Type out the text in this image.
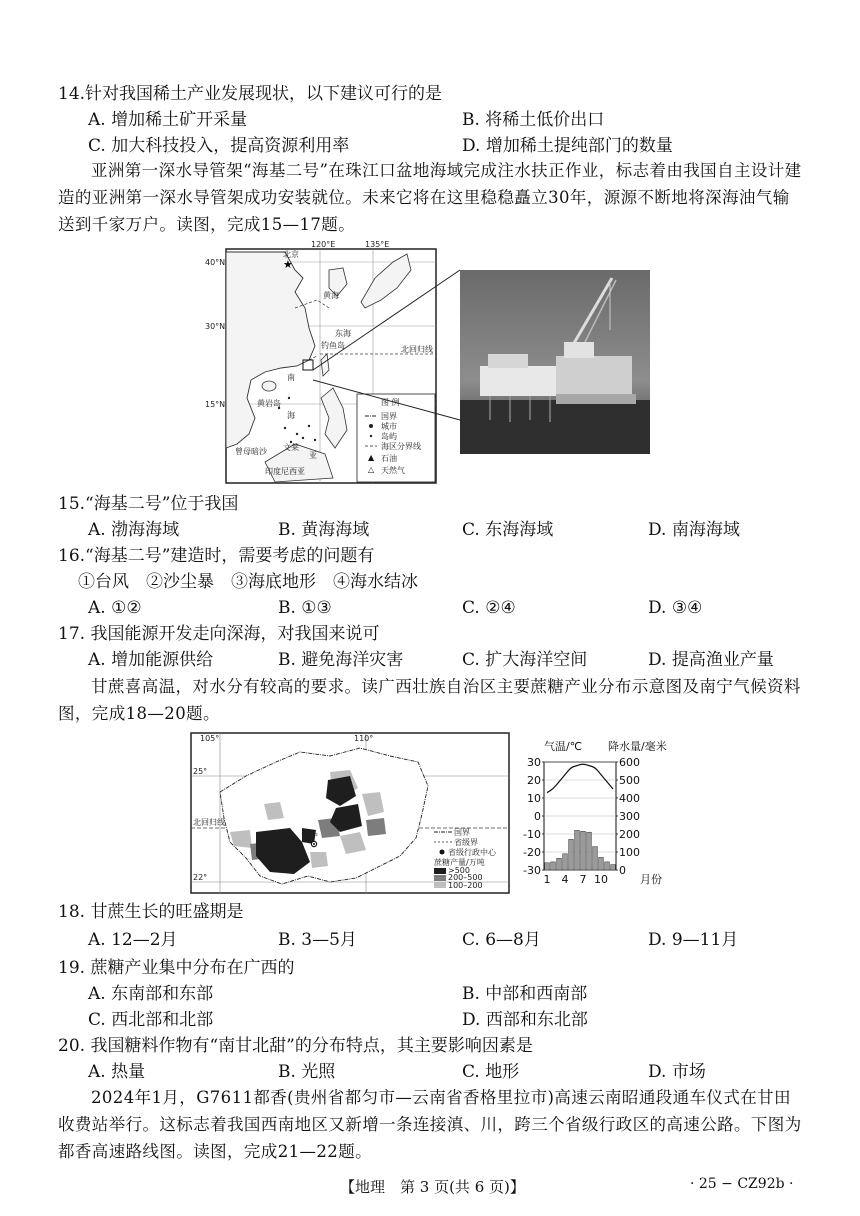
14.针对我国稀土产业发展现状，以下建议可行的是
A. 增加稀土矿开采量	B. 将稀土低价出口
C. 加大科技投入，提高资源利用率	D. 增加稀土提纯部门的数量
亚洲第一深水导管架“海基二号”在珠江口盆地海域完成注水扶正作业，标志着由我国自主设计建造的亚洲第一深水导管架成功安装就位。未来它将在这里稳稳矗立30年，源源不断地将深海油气输送到千家万户。读图，完成15—17题。
★
▲
△
120°E	135°E
40°N
30°N
15°N
北京
黄海
东海
钓鱼岛
南
海
黄岩岛
北回归线
曾母暗沙 文莱
亚
印度尼西亚
图 例
国界
城市
岛屿
海区分界线
石油
天然气
15.“海基二号”位于我国
A. 渤海海域	B. 黄海海域	C. 东海海域	D. 南海海域
16.“海基二号”建造时，需要考虑的问题有
①台风　②沙尘暴　③海底地形　④海水结冰
A. ①②	B. ①③	C. ②④	D. ③④
17. 我国能源开发走向深海，对我国来说可
A. 增加能源供给	B. 避免海洋灾害	C. 扩大海洋空间	D. 提高渔业产量
甘蔗喜高温，对水分有较高的要求。读广西壮族自治区主要蔗糖产业分布示意图及南宁气候资料图，完成18—20题。
105°	110°
25°
22°
北回归线
南宁	国界
省级界
省级行政中心
蔗糖产量/万吨
>500
200–500
100–200
气温/℃ 降水量/毫米
30
20
10
0
-10
-20
-30
600
500
400
300
200
100
0
1 4 7 10	月份
18. 甘蔗生长的旺盛期是
A. 12—2月	B. 3—5月	C. 6—8月	D. 9—11月
19. 蔗糖产业集中分布在广西的
A. 东南部和东部	B. 中部和西南部
C. 西北部和北部	D. 西部和东北部
20. 我国糖料作物有“南甘北甜”的分布特点，其主要影响因素是
A. 热量	B. 光照	C. 地形	D. 市场
2024年1月，G7611都香(贵州省都匀市—云南省香格里拉市)高速云南昭通段通车仪式在甘田收费站举行。这标志着我国西南地区又新增一条连接滇、川，跨三个省级行政区的高速公路。下图为都香高速路线图。读图，完成21—22题。
【地理　第 3 页(共 6 页)】	· 25 − CZ92b ·
